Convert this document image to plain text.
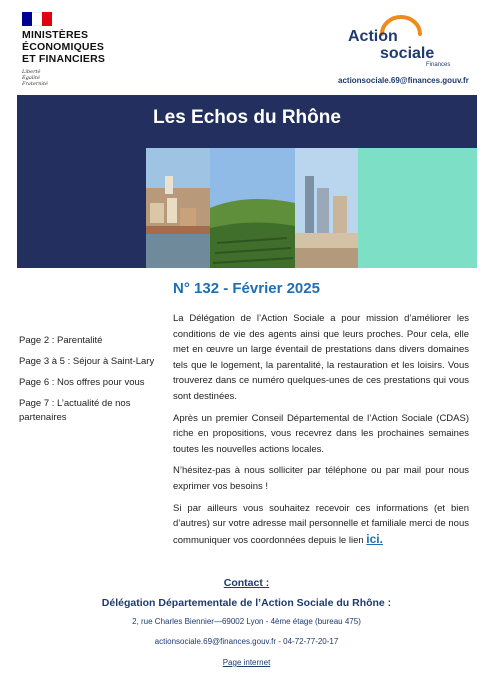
MINISTÈRES
ÉCONOMIQUES
ET FINANCIERS
Liberté
Égalité
Fraternité
Action
sociale
Finances
actionsociale.69@finances.gouv.fr
Les Echos du Rhône
N° 132 - Février 2025
Page 2 : Parentalité
Page 3 à 5 : Séjour à Saint-Lary
Page 6 : Nos offres pour vous
Page 7 : L’actualité de nos partenaires

La Délégation de l’Action Sociale a pour mission d’améliorer les conditions de vie des agents ainsi que leurs proches. Pour cela, elle met en œuvre un large éventail de prestations dans divers domaines tels que le logement, la parentalité, la restauration et les loisirs. Vous trouverez dans ce numéro quelques-unes de ces prestations qui vous sont destinées.

Après un premier Conseil Départemental de l’Action Sociale (CDAS) riche en propositions, vous recevrez dans les prochaines semaines toutes les nouvelles actions locales.

N’hésitez-pas à nous solliciter par téléphone ou par mail pour nous exprimer vos besoins !

Si par ailleurs vous souhaitez recevoir ces informations (et bien d’autres) sur votre adresse mail personnelle et familiale merci de nous communiquer vos coordonnées depuis le lien ici.

Contact :
Délégation Départementale de l’Action Sociale du Rhône :
2, rue Charles Biennier—69002 Lyon - 4ème étage (bureau 475)
actionsociale.69@finances.gouv.fr - 04-72-77-20-17
Page internet
